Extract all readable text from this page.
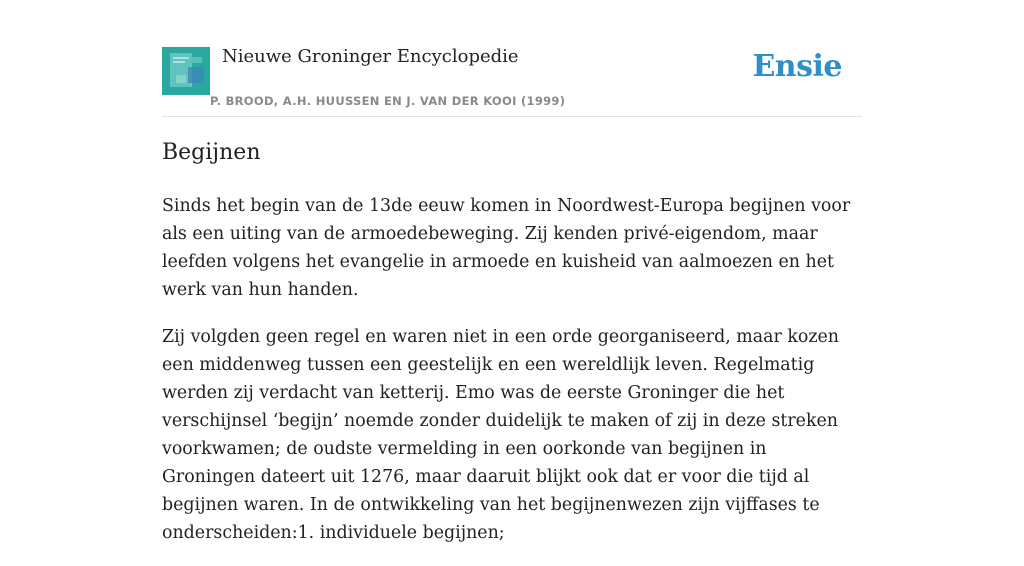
Nieuwe Groninger Encyclopedie
P. BROOD, A.H. HUUSSEN EN J. VAN DER KOOI (1999)
Ensie
Begijnen

Sinds het begin van de 13de eeuw komen in Noordwest-Europa begijnen voor als een uiting van de armoedebeweging. Zij kenden privé-eigendom, maar leefden volgens het evangelie in armoede en kuisheid van aalmoezen en het werk van hun handen.

Zij volgden geen regel en waren niet in een orde georganiseerd, maar kozen een middenweg tussen een geestelijk en een wereldlijk leven. Regelmatig werden zij verdacht van ketterij. Emo was de eerste Groninger die het verschijnsel ‘begijn’ noemde zonder duidelijk te maken of zij in deze streken voorkwamen; de oudste vermelding in een oorkonde van begijnen in Groningen dateert uit 1276, maar daaruit blijkt ook dat er voor die tijd al begijnen waren. In de ontwikkeling van het begijnenwezen zijn vijffases te onderscheiden:1. individuele begijnen;
